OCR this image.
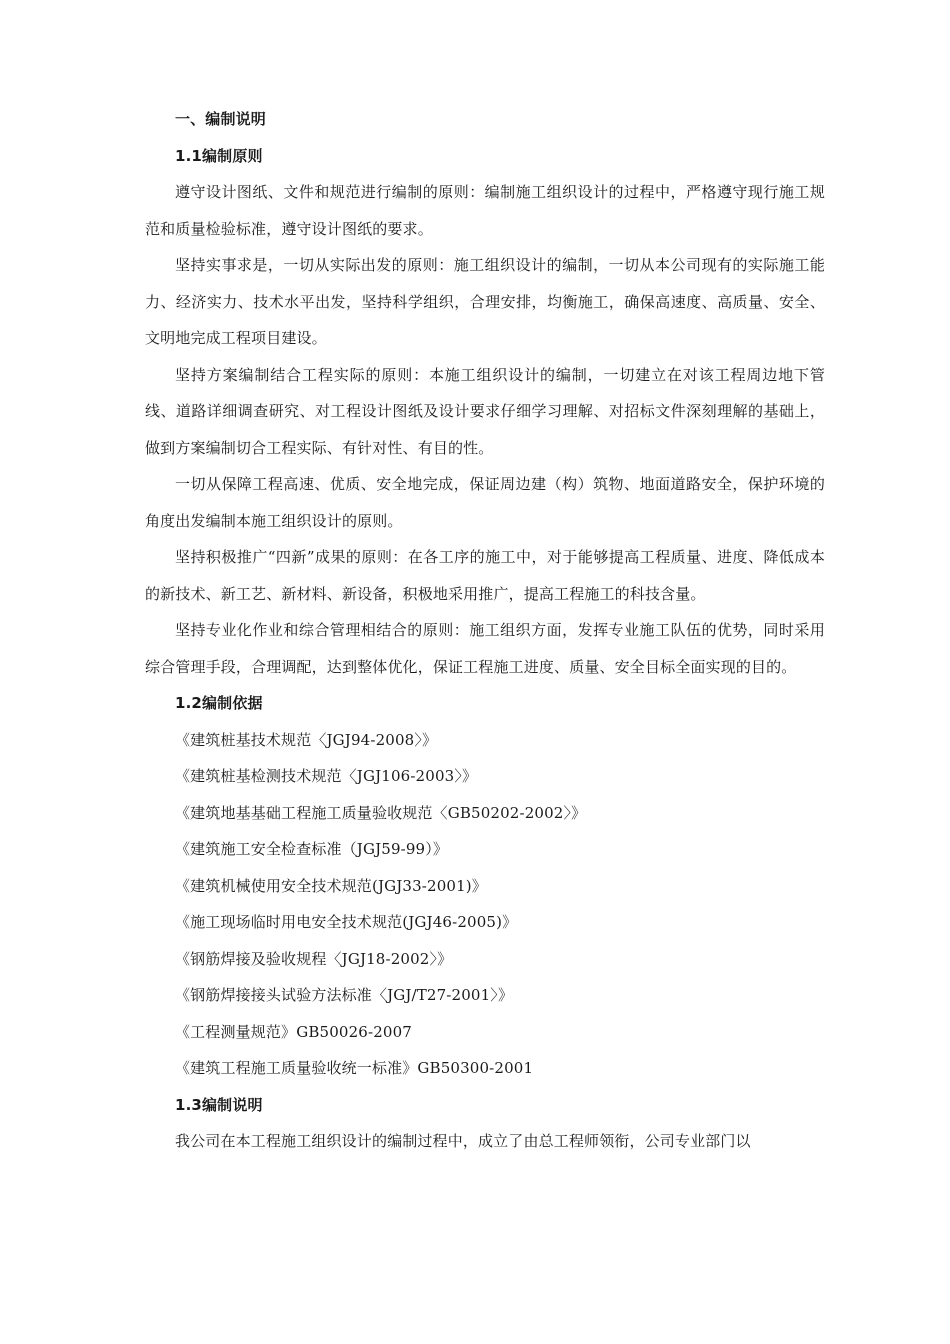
一、编制说明

1.1编制原则

遵守设计图纸、文件和规范进行编制的原则：编制施工组织设计的过程中，严格遵守现行施工规范和质量检验标准，遵守设计图纸的要求。

坚持实事求是，一切从实际出发的原则：施工组织设计的编制，一切从本公司现有的实际施工能力、经济实力、技术水平出发，坚持科学组织，合理安排，均衡施工，确保高速度、高质量、安全、文明地完成工程项目建设。

坚持方案编制结合工程实际的原则：本施工组织设计的编制，一切建立在对该工程周边地下管线、道路详细调查研究、对工程设计图纸及设计要求仔细学习理解、对招标文件深刻理解的基础上，做到方案编制切合工程实际、有针对性、有目的性。

一切从保障工程高速、优质、安全地完成，保证周边建（构）筑物、地面道路安全，保护环境的角度出发编制本施工组织设计的原则。

坚持积极推广“四新”成果的原则：在各工序的施工中，对于能够提高工程质量、进度、降低成本的新技术、新工艺、新材料、新设备，积极地采用推广，提高工程施工的科技含量。

坚持专业化作业和综合管理相结合的原则：施工组织方面，发挥专业施工队伍的优势，同时采用综合管理手段，合理调配，达到整体优化，保证工程施工进度、质量、安全目标全面实现的目的。

1.2编制依据

《建筑桩基技术规范〈JGJ94-2008〉》

《建筑桩基检测技术规范〈JGJ106-2003〉》

《建筑地基基础工程施工质量验收规范〈GB50202-2002〉》

《建筑施工安全检查标准（JGJ59-99）》

《建筑机械使用安全技术规范(JGJ33-2001)》

《施工现场临时用电安全技术规范(JGJ46-2005)》

《钢筋焊接及验收规程〈JGJ18-2002〉》

《钢筋焊接接头试验方法标准〈JGJ/T27-2001〉》

《工程测量规范》GB50026-2007

《建筑工程施工质量验收统一标准》GB50300-2001

1.3编制说明

我公司在本工程施工组织设计的编制过程中，成立了由总工程师领衔，公司专业部门以
